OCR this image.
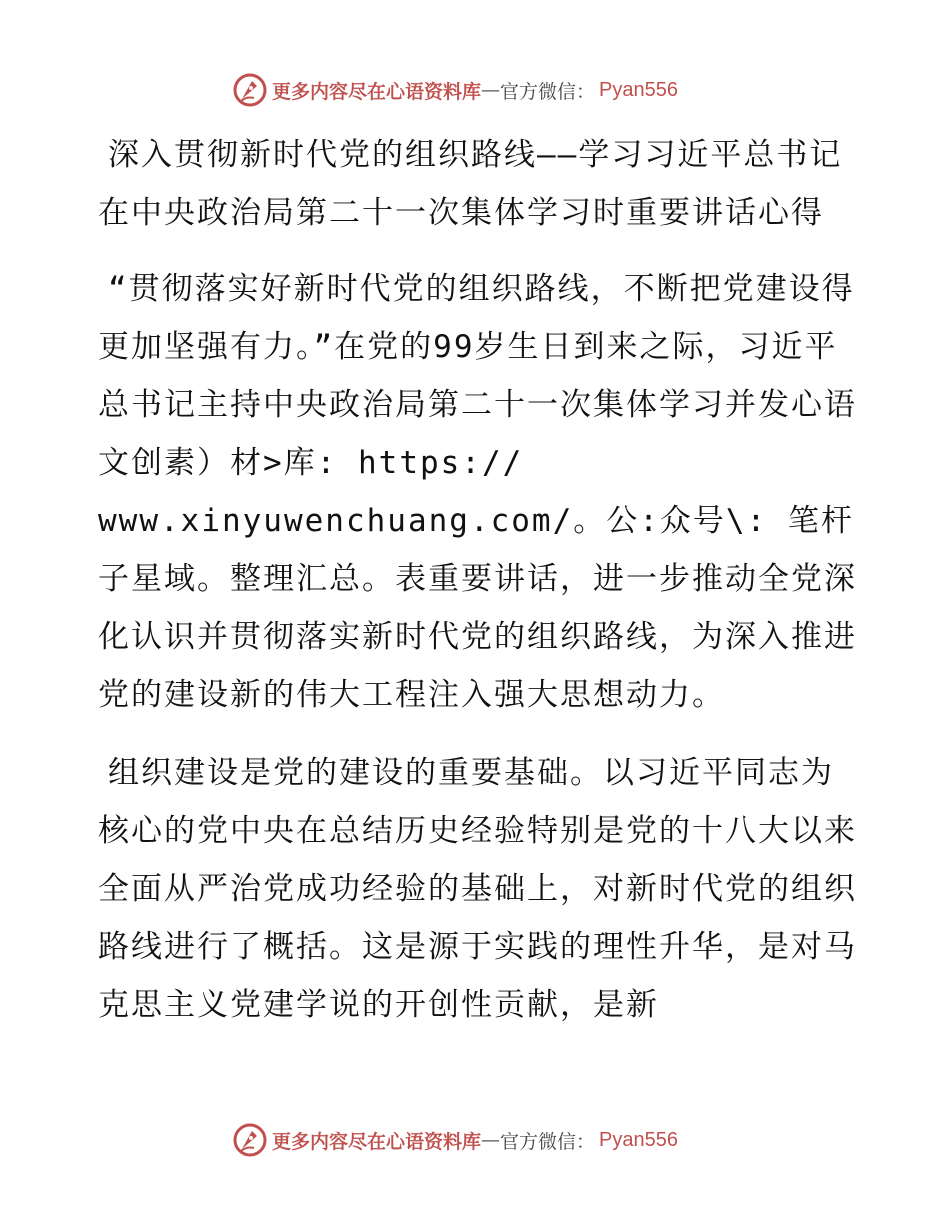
更多内容尽在心语资料库 — 官方微信： Pyan556
深入贯彻新时代党的组织路线——学习习近平总书记在中央政治局第二十一次集体学习时重要讲话心得

“贯彻落实好新时代党的组织路线，不断把党建设得更加坚强有力。”在党的99岁生日到来之际，习近平总书记主持中央政治局第二十一次集体学习并发心语文创素）材>库: https:// www.xinyuwenchuang.com/。公:众号\: 笔杆子星域。整理汇总。表重要讲话，进一步推动全党深化认识并贯彻落实新时代党的组织路线，为深入推进党的建设新的伟大工程注入强大思想动力。

组织建设是党的建设的重要基础。以习近平同志为核心的党中央在总结历史经验特别是党的十八大以来全面从严治党成功经验的基础上，对新时代党的组织路线进行了概括。这是源于实践的理性升华，是对马克思主义党建学说的开创性贡献，是新

更多内容尽在心语资料库 — 官方微信： Pyan556
